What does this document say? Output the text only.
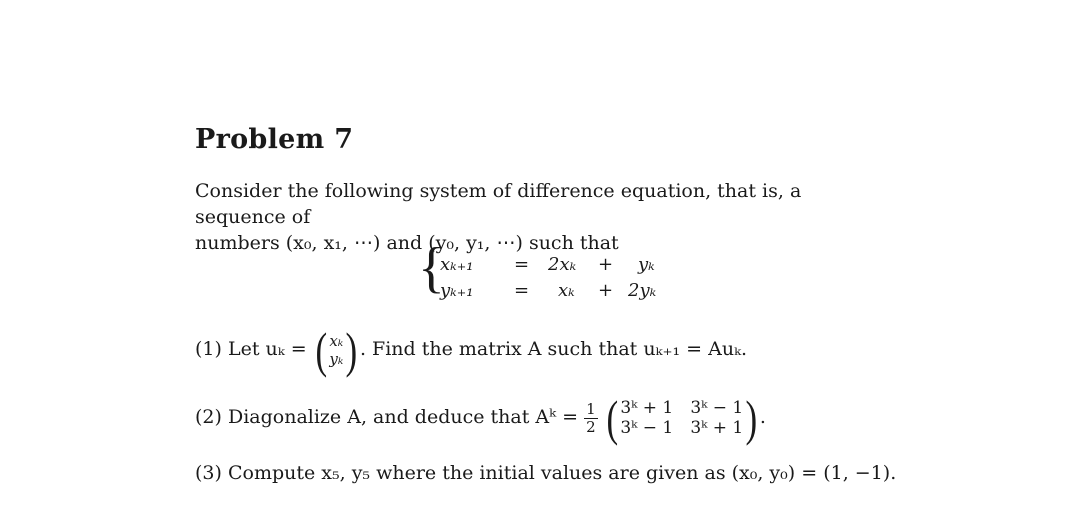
Problem 7
Consider the following system of difference equation, that is, a sequence of
numbers (x₀, x₁, ⋯) and (y₀, y₁, ⋯) such that
{
xₖ₊₁ = 2xₖ + yₖ
yₖ₊₁ = xₖ + 2yₖ
(1) Let uₖ = ( xₖ
yₖ ) . Find the matrix A such that uₖ₊₁ = Auₖ.
(2) Diagonalize A, and deduce that Aᵏ = $\frac{1}{2}$ ( 3ᵏ + 1 3ᵏ − 1
3ᵏ − 1 3ᵏ + 1 ) .
(3) Compute x₅, y₅ where the initial values are given as (x₀, y₀) = (1, −1).
